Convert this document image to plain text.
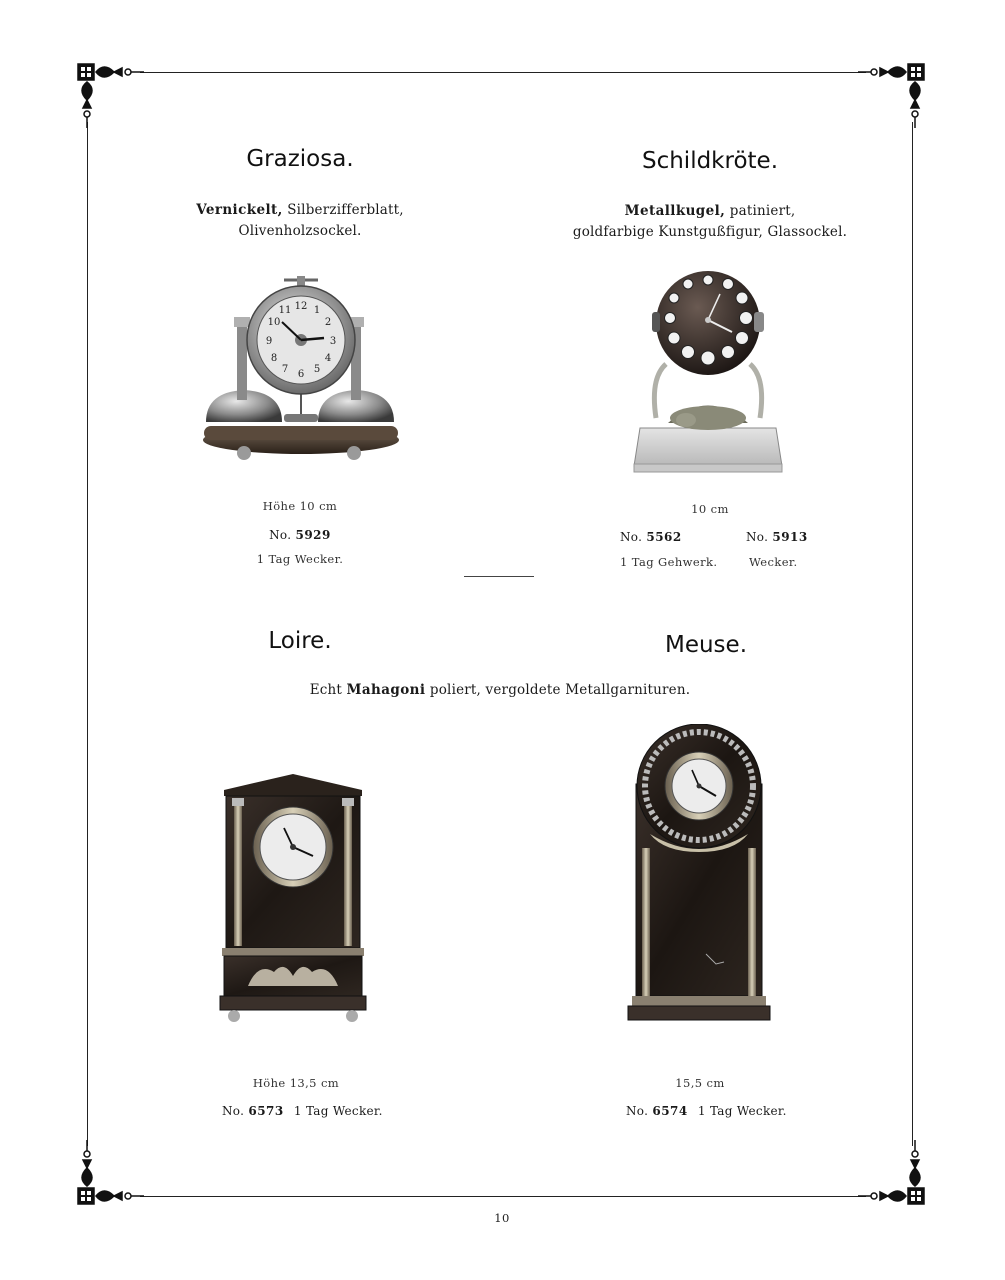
Graziosa.
Vernickelt, Silberzifferblatt,
Olivenholzsockel.
12 1
2
3
4
5
6
7
8
9
10
11
Höhe 10 cm
No. 5929
1 Tag Wecker.
Schildkröte.
Metallkugel, patiniert,
goldfarbige Kunstgußfigur, Glassockel.
10 cm
No. 5562
1 Tag Gehwerk.
No. 5913
Wecker.
Loire.	Meuse.
Echt Mahagoni poliert, vergoldete Metallgarnituren.
Höhe 13,5 cm
No. 6573 1 Tag Wecker.
15,5 cm
No. 6574 1 Tag Wecker.
10
